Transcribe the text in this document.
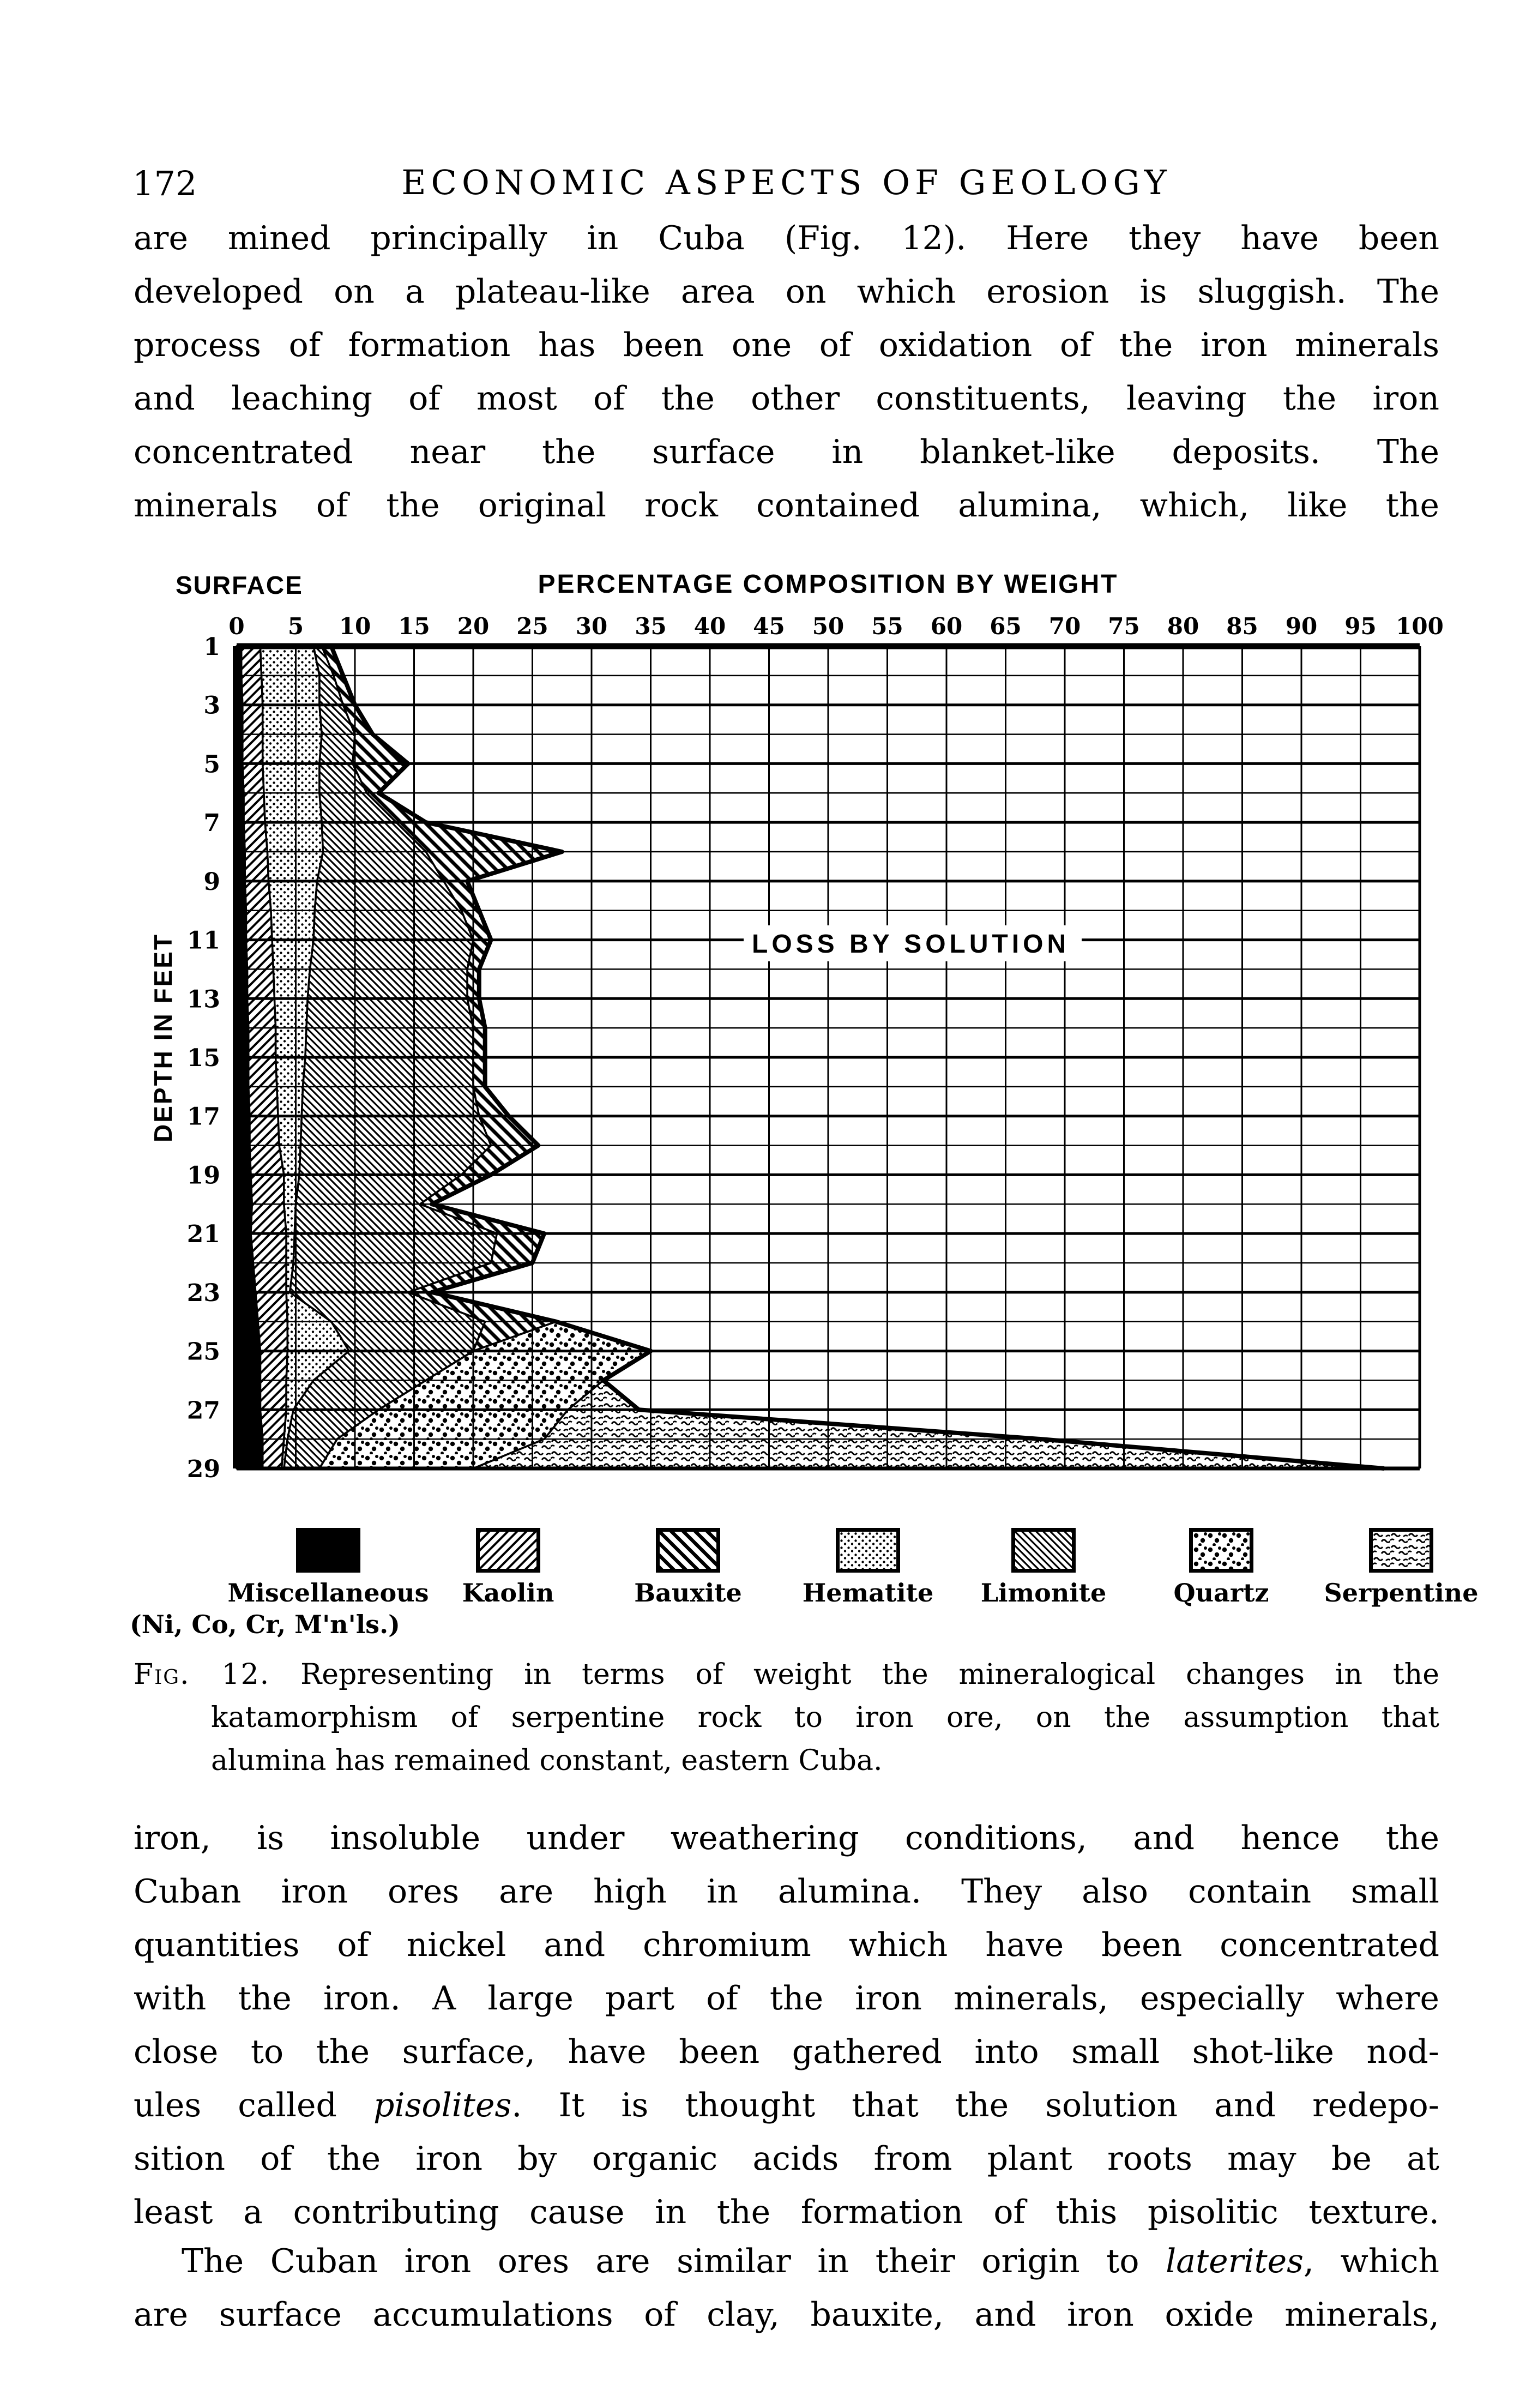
172	ECONOMIC ASPECTS OF GEOLOGY
are mined principally in Cuba (Fig. 12). Here they have been
developed on a plateau-like area on which erosion is sluggish. The
process of formation has been one of oxidation of the iron minerals
and leaching of most of the other constituents, leaving the iron
concentrated near the surface in blanket-like deposits. The
minerals of the original rock contained alumina, which, like the
SURFACE	PERCENTAGE COMPOSITION BY WEIGHT
DEPTH IN FEET	LOSS BY SOLUTION
0 5 10 15 20 25 30 35 40 45 50 55 60 65 70 75 80 85 90 95 100
1
3
5
7
9
11
13
15
17
19
21
23
25
27
29
Miscellaneous
(Ni, Co, Cr, M'n'ls.)
Kaolin	Bauxite	Hematite	Limonite	Quartz	Serpentine
Fig. 12. Representing in terms of weight the mineralogical changes in the
katamorphism of serpentine rock to iron ore, on the assumption that
alumina has remained constant, eastern Cuba.
iron, is insoluble under weathering conditions, and hence the
Cuban iron ores are high in alumina. They also contain small
quantities of nickel and chromium which have been concentrated
with the iron. A large part of the iron minerals, especially where
close to the surface, have been gathered into small shot-like nod-
ules called pisolites. It is thought that the solution and redepo-
sition of the iron by organic acids from plant roots may be at
least a contributing cause in the formation of this pisolitic texture.
The Cuban iron ores are similar in their origin to laterites, which
are surface accumulations of clay, bauxite, and iron oxide minerals,
